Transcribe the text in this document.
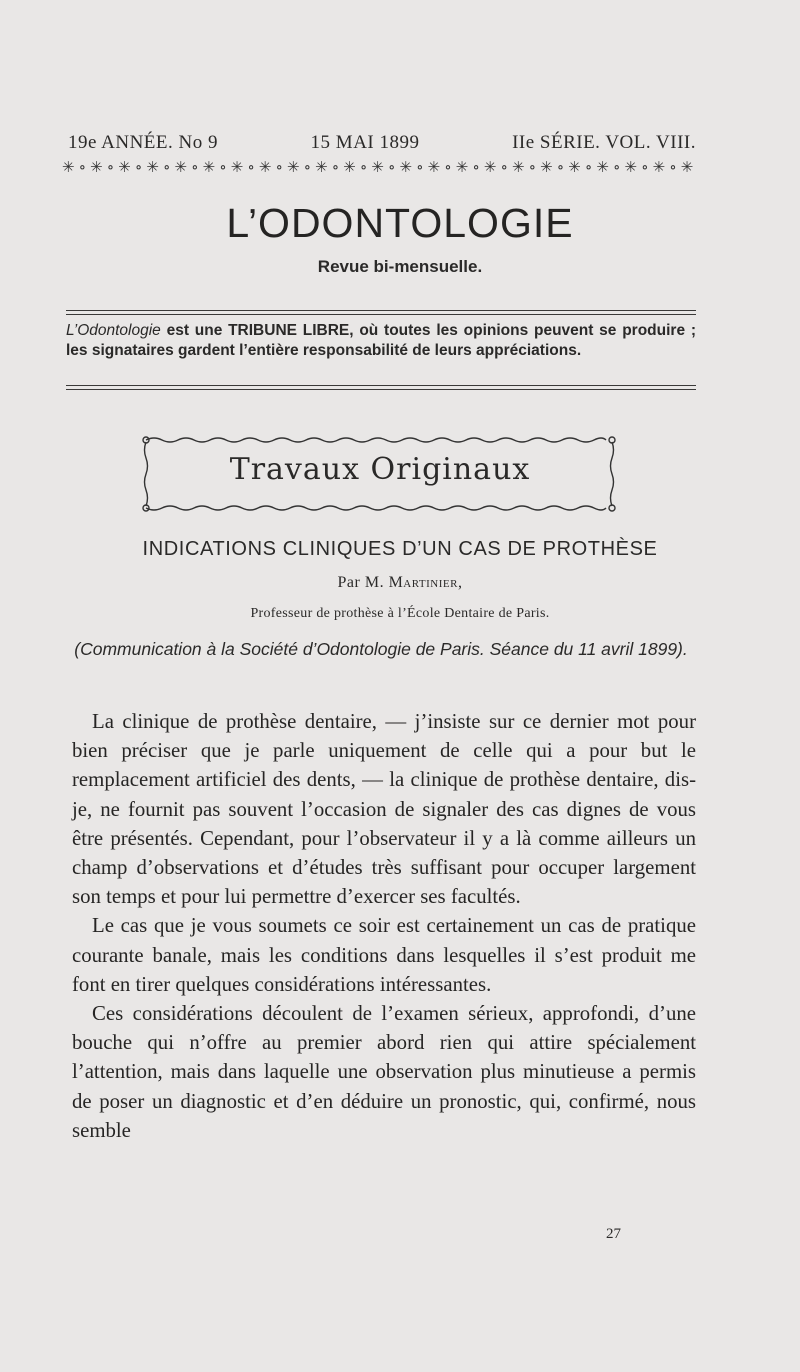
19e ANNÉE. No 9	15 MAI 1899	IIe SÉRIE. VOL. VIII.
✳ ∘ ✳ ∘ ✳ ∘ ✳ ∘ ✳ ∘ ✳ ∘ ✳ ∘ ✳ ∘ ✳ ∘ ✳ ∘ ✳ ∘ ✳ ∘ ✳ ∘ ✳ ∘ ✳ ∘ ✳ ∘ ✳ ∘ ✳ ∘ ✳ ∘ ✳ ∘ ✳ ∘ ✳ ∘ ✳
L’ODONTOLOGIE
Revue bi-mensuelle.
L’Odontologie est une TRIBUNE LIBRE, où toutes les opinions peuvent se produire ; les signataires gardent l’entière responsabilité de leurs appréciations.
Travaux Originaux
INDICATIONS CLINIQUES D’UN CAS DE PROTHÈSE
Par M. Martinier,
Professeur de prothèse à l’École Dentaire de Paris.
(Communication à la Société d’Odontologie de Paris. Séance du 11 avril 1899).

La clinique de prothèse dentaire, — j’insiste sur ce dernier mot pour bien préciser que je parle uniquement de celle qui a pour but le remplacement artificiel des dents, — la clinique de prothèse dentaire, dis-je, ne fournit pas souvent l’occasion de signaler des cas dignes de vous être présentés. Cependant, pour l’observateur il y a là comme ailleurs un champ d’observations et d’études très suffisant pour occuper largement son temps et pour lui permettre d’exercer ses facultés.

Le cas que je vous soumets ce soir est certainement un cas de pratique courante banale, mais les conditions dans lesquelles il s’est produit me font en tirer quelques considérations intéressantes.

Ces considérations découlent de l’examen sérieux, approfondi, d’une bouche qui n’offre au premier abord rien qui attire spécialement l’attention, mais dans laquelle une observation plus minutieuse a permis de poser un diagnostic et d’en déduire un pronostic, qui, confirmé, nous semble

27
